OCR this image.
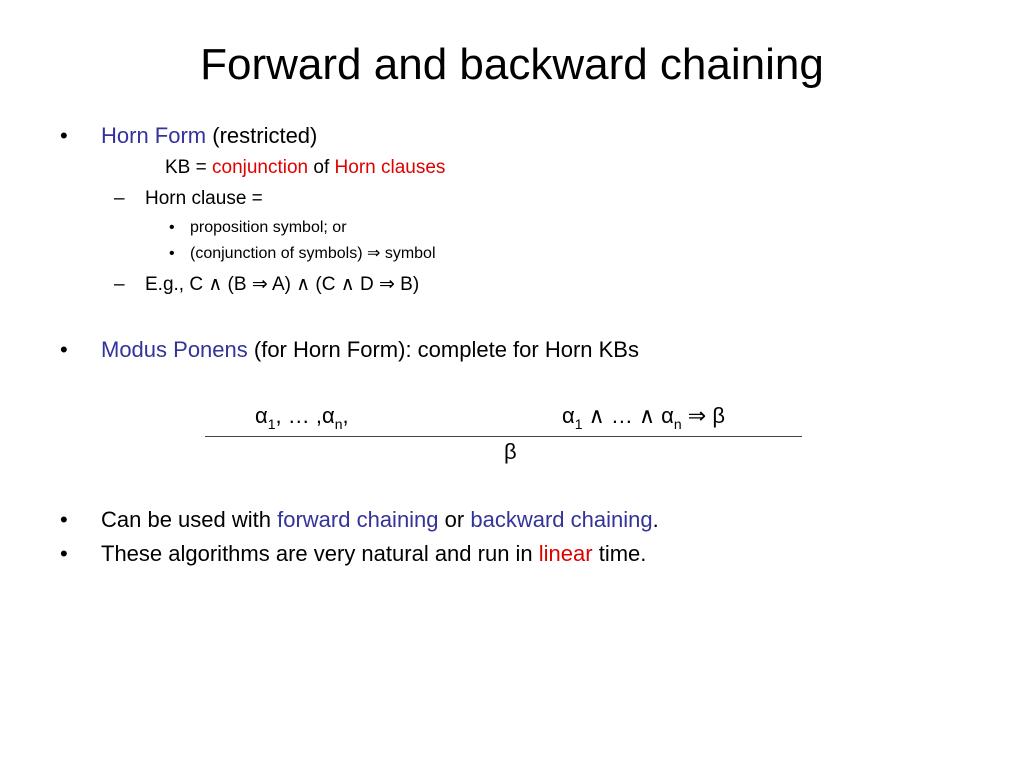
Forward and backward chaining
• Horn Form (restricted)
KB = conjunction of Horn clauses
– Horn clause =
• proposition symbol; or
• (conjunction of symbols) ⇒ symbol
– E.g., C ∧ (B ⇒ A) ∧ (C ∧ D ⇒ B)
• Modus Ponens (for Horn Form): complete for Horn KBs
$\alpha_1$, … $,\alpha_n$,	$\alpha_1$ ∧ … ∧ $\alpha_n$ ⇒ β
β
• Can be used with forward chaining or backward chaining.
• These algorithms are very natural and run in linear time.
